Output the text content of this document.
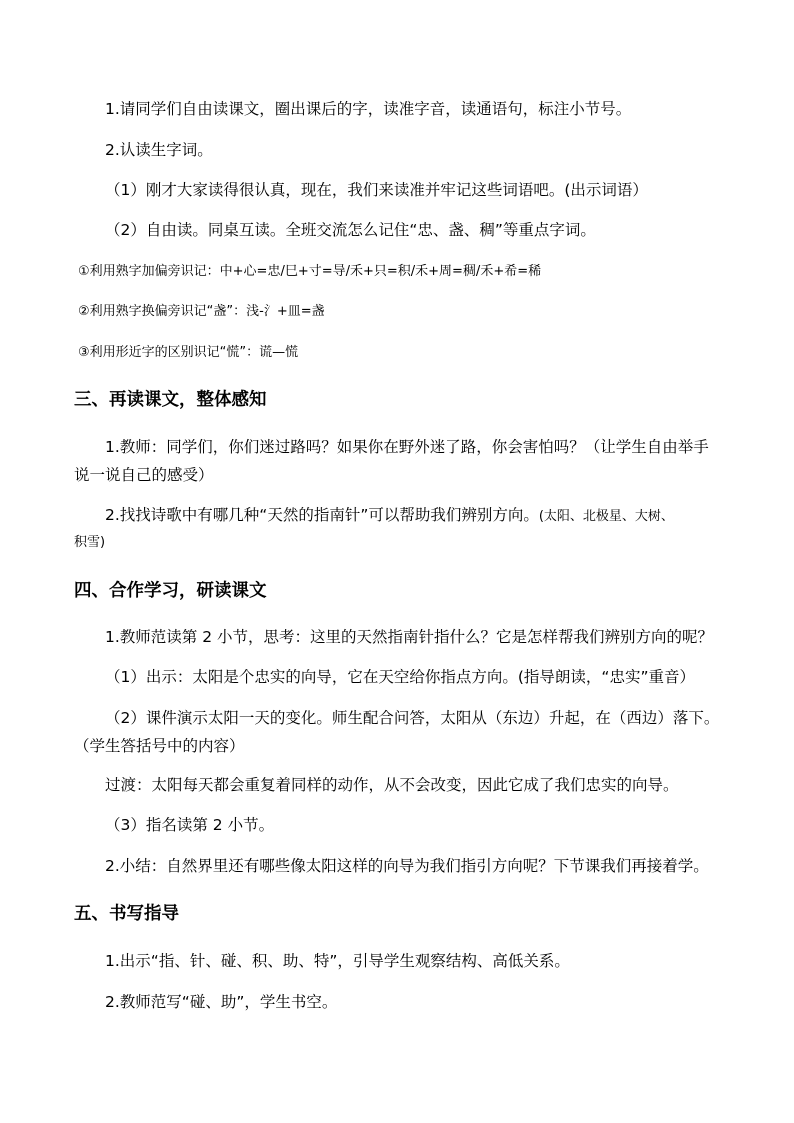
1.请同学们自由读课文，圈出课后的字，读准字音，读通语句，标注小节号。
2.认读生字词。
（1）刚才大家读得很认真，现在，我们来读准并牢记这些词语吧。(出示词语）
（2）自由读。同桌互读。全班交流怎么记住“忠、盏、稠”等重点字词。
①利用熟字加偏旁识记：中+心=忠/巳+寸=导/禾+只=积/禾+周=稠/禾+希=稀
②利用熟字换偏旁识记“盏”：浅-氵+皿=盏
③利用形近字的区别识记“慌”：谎—慌
三、再读课文，整体感知
1.教师：同学们，你们迷过路吗？如果你在野外迷了路，你会害怕吗？（让学生自由举手
说一说自己的感受）
2.找找诗歌中有哪几种“天然的指南针”可以帮助我们辨别方向。(太阳、北极星、大树、
积雪)
四、合作学习，研读课文
1.教师范读第 2 小节，思考：这里的天然指南针指什么？它是怎样帮我们辨别方向的呢？
（1）出示：太阳是个忠实的向导，它在天空给你指点方向。(指导朗读，“忠实”重音）
（2）课件演示太阳一天的变化。师生配合问答，太阳从（东边）升起，在（西边）落下。
（学生答括号中的内容）
过渡：太阳每天都会重复着同样的动作，从不会改变，因此它成了我们忠实的向导。
（3）指名读第 2 小节。
2.小结：自然界里还有哪些像太阳这样的向导为我们指引方向呢？下节课我们再接着学。
五、书写指导
1.出示“指、针、碰、积、助、特”，引导学生观察结构、高低关系。
2.教师范写“碰、助”，学生书空。
